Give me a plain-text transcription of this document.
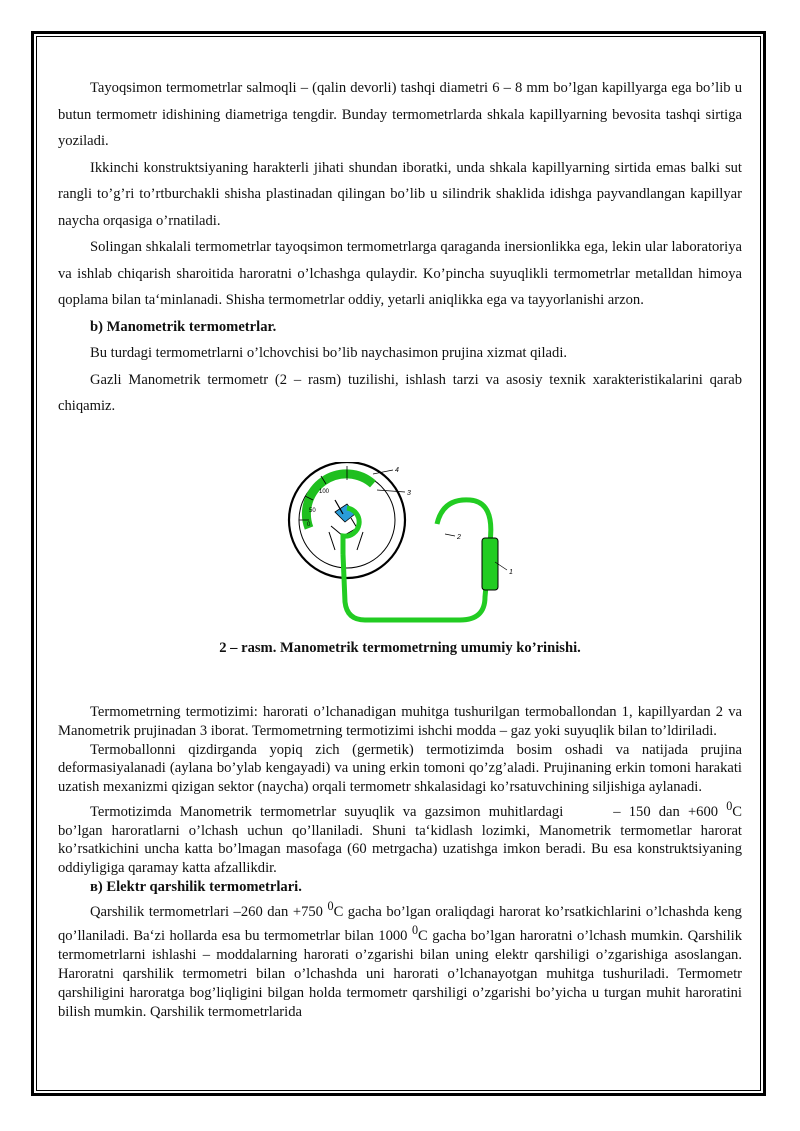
Tayoqsimon termometrlar salmoqli – (qalin devorli) tashqi diametri 6 – 8 mm bo’lgan kapillyarga ega bo’lib u butun termometr idishining diametriga tengdir. Bunday termometrlarda shkala kapillyarning bevosita tashqi sirtiga yoziladi.

Ikkinchi konstruktsiyaning harakterli jihati shundan iboratki, unda shkala kapillyarning sirtida emas balki sut rangli to’g’ri to’rtburchakli shisha plastinadan qilingan bo’lib u silindrik shaklida idishga payvandlangan kapillyar naycha orqasiga o’rnatiladi.

Solingan shkalali termometrlar tayoqsimon termometrlarga qaraganda inersionlikka ega, lekin ular laboratoriya va ishlab chiqarish sharoitida haroratni o’lchashga qulaydir. Ko’pincha suyuqlikli termometrlar metalldan himoya qoplama bilan ta‘minlanadi. Shisha termometrlar oddiy, yetarli aniqlikka ega va tayyorlanishi arzon.

b) Manometrik termometrlar.

Bu turdagi termometrlarni o’lchovchisi bo’lib naychasimon prujina xizmat qiladi.

Gazli Manometrik termometr (2 – rasm) tuzilishi, ishlash tarzi va asosiy texnik xarakteristikalarini qarab chiqamiz.

100
50
0
4
3
2
1
2 – rasm. Manometrik termometrning umumiy ko’rinishi.

Termometrning termotizimi: harorati o’lchanadigan muhitga tushurilgan termoballondan 1, kapillyardan 2 va Manometrik prujinadan 3 iborat. Termometrning termotizimi ishchi modda – gaz yoki suyuqlik bilan to’ldiriladi.

Termoballonni qizdirganda yopiq zich (germetik) termotizimda bosim oshadi va natijada prujina deformasiyalanadi (aylana bo’ylab kengayadi) va uning erkin tomoni qo’zg’aladi. Prujinaning erkin tomoni harakati uzatish mexanizmi qizigan sektor (naycha) orqali termometr shkalasidagi ko’rsatuvchining siljishiga aylanadi.

Termotizimda Manometrik termometrlar suyuqlik va gazsimon muhitlardagi	– 150 dan +600 $^0$C bo’lgan haroratlarni o’lchash uchun qo’llaniladi. Shuni ta‘kidlash lozimki, Manometrik termometlar harorat ko’rsatkichini uncha katta bo’lmagan masofaga (60 metrgacha) uzatishga imkon beradi. Bu esa konstruktsiyaning oddiyligiga qaramay katta afzallikdir.

в) Elektr qarshilik termometrlari.

Qarshilik termometrlari –260 dan +750 $^0$C gacha bo’lgan oraliqdagi harorat ko’rsatkichlarini o’lchashda keng qo’llaniladi. Ba‘zi hollarda esa bu termometrlar bilan 1000 $^0$C gacha bo’lgan haroratni o’lchash mumkin. Qarshilik termometrlarni ishlashi – moddalarning harorati o’zgarishi bilan uning elektr qarshiligi o’zgarishiga asoslangan. Haroratni qarshilik termometri bilan o’lchashda uni harorati o’lchanayotgan muhitga tushuriladi. Termometr qarshiligini haroratga bog’liqligini bilgan holda termometr qarshiligi o’zgarishi bo’yicha u turgan muhit haroratini bilish mumkin. Qarshilik termometrlarida
